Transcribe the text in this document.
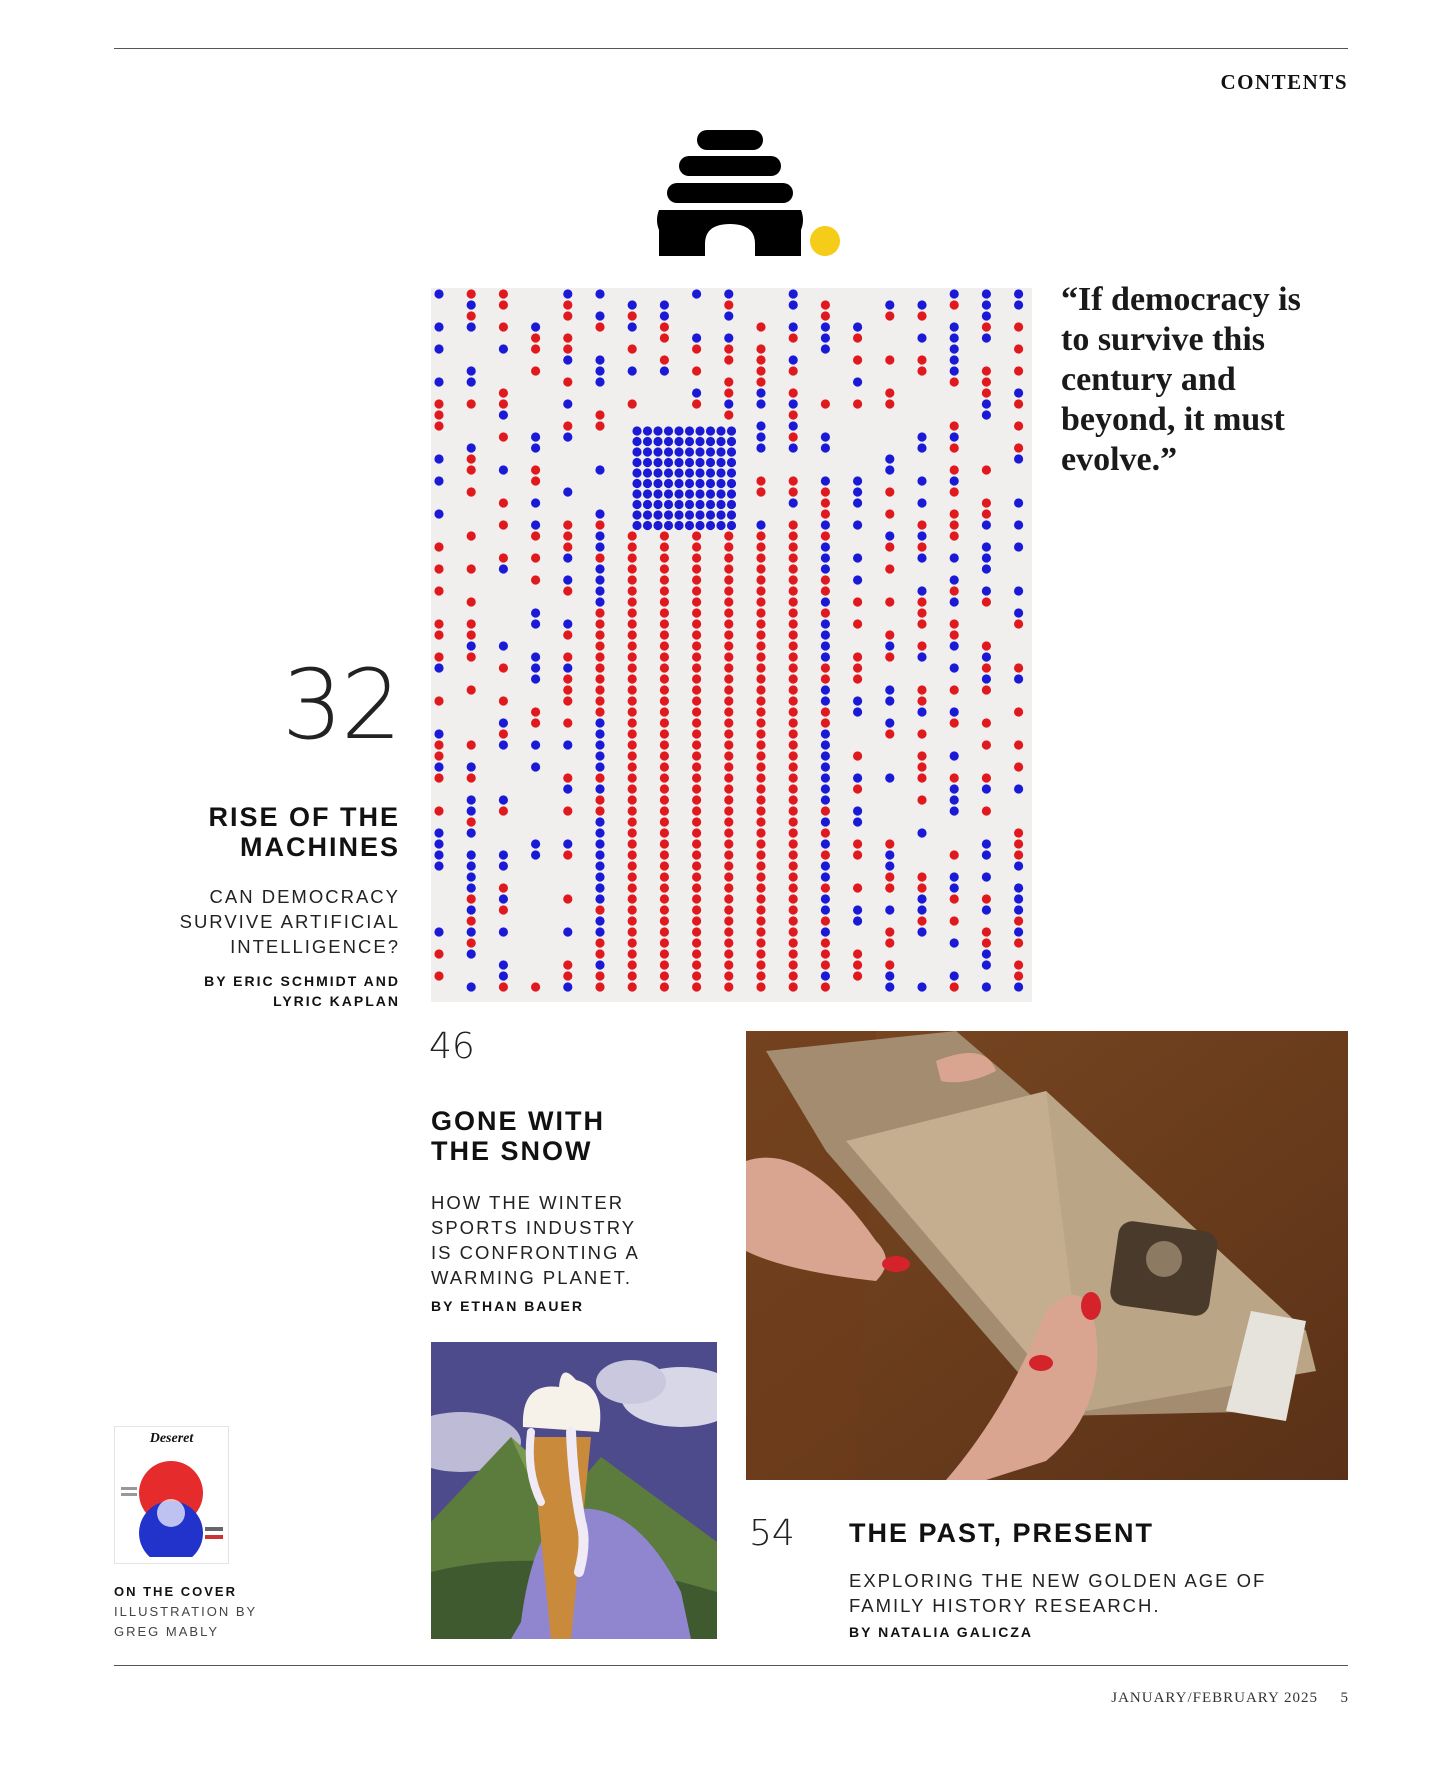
CONTENTS
“If democracy is to survive this century and beyond, it must evolve.”
32
RISE OF THE
MACHINES
CAN DEMOCRACY
SURVIVE ARTIFICIAL
INTELLIGENCE?
BY ERIC SCHMIDT AND
LYRIC KAPLAN
46
GONE WITH
THE SNOW
HOW THE WINTER
SPORTS INDUSTRY
IS CONFRONTING A
WARMING PLANET.
BY ETHAN BAUER
54 THE PAST, PRESENT
EXPLORING THE NEW GOLDEN AGE OF
FAMILY HISTORY RESEARCH.
BY NATALIA GALICZA
Deseret
ON THE COVER
ILLUSTRATION BY
GREG MABLY
JANUARY/FEBRUARY 2025 5
